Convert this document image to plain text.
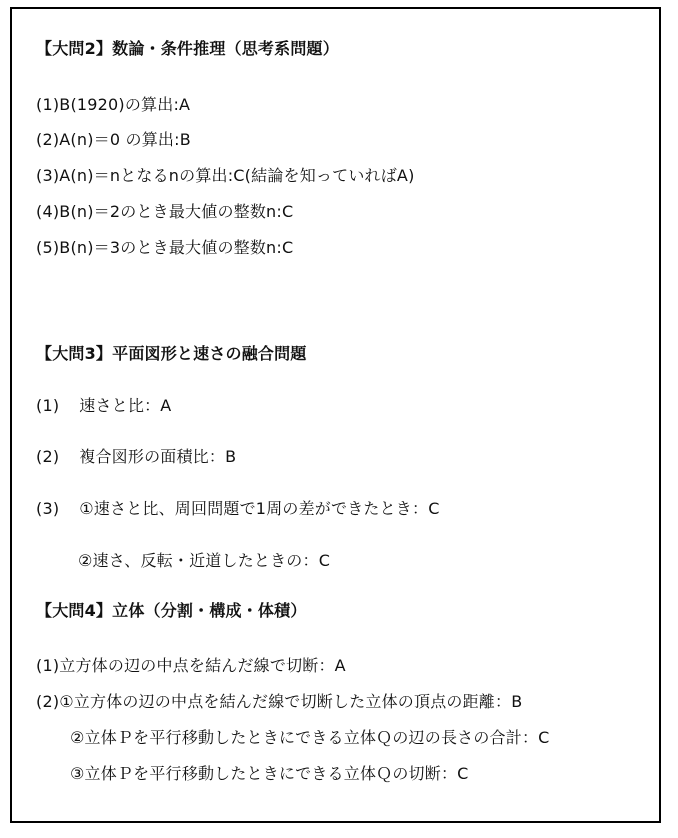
【大問2】数論・条件推理（思考系問題）
(1)B(1920)の算出:A
(2)A(n)＝0 の算出:B
(3)A(n)＝nとなるnの算出:C(結論を知っていればA)
(4)B(n)＝2のとき最大値の整数n:C
(5)B(n)＝3のとき最大値の整数n:C
【大問3】平面図形と速さの融合問題
(1) 速さと比：A
(2) 複合図形の面積比：B
(3) ①速さと比、周回問題で1周の差ができたとき：C
②速さ、反転・近道したときの：C
【大問4】立体（分割・構成・体積）
(1)立方体の辺の中点を結んだ線で切断：A
(2)①立方体の辺の中点を結んだ線で切断した立体の頂点の距離：B
②立体Ｐを平行移動したときにできる立体Ｑの辺の長さの合計：C
③立体Ｐを平行移動したときにできる立体Ｑの切断：C
